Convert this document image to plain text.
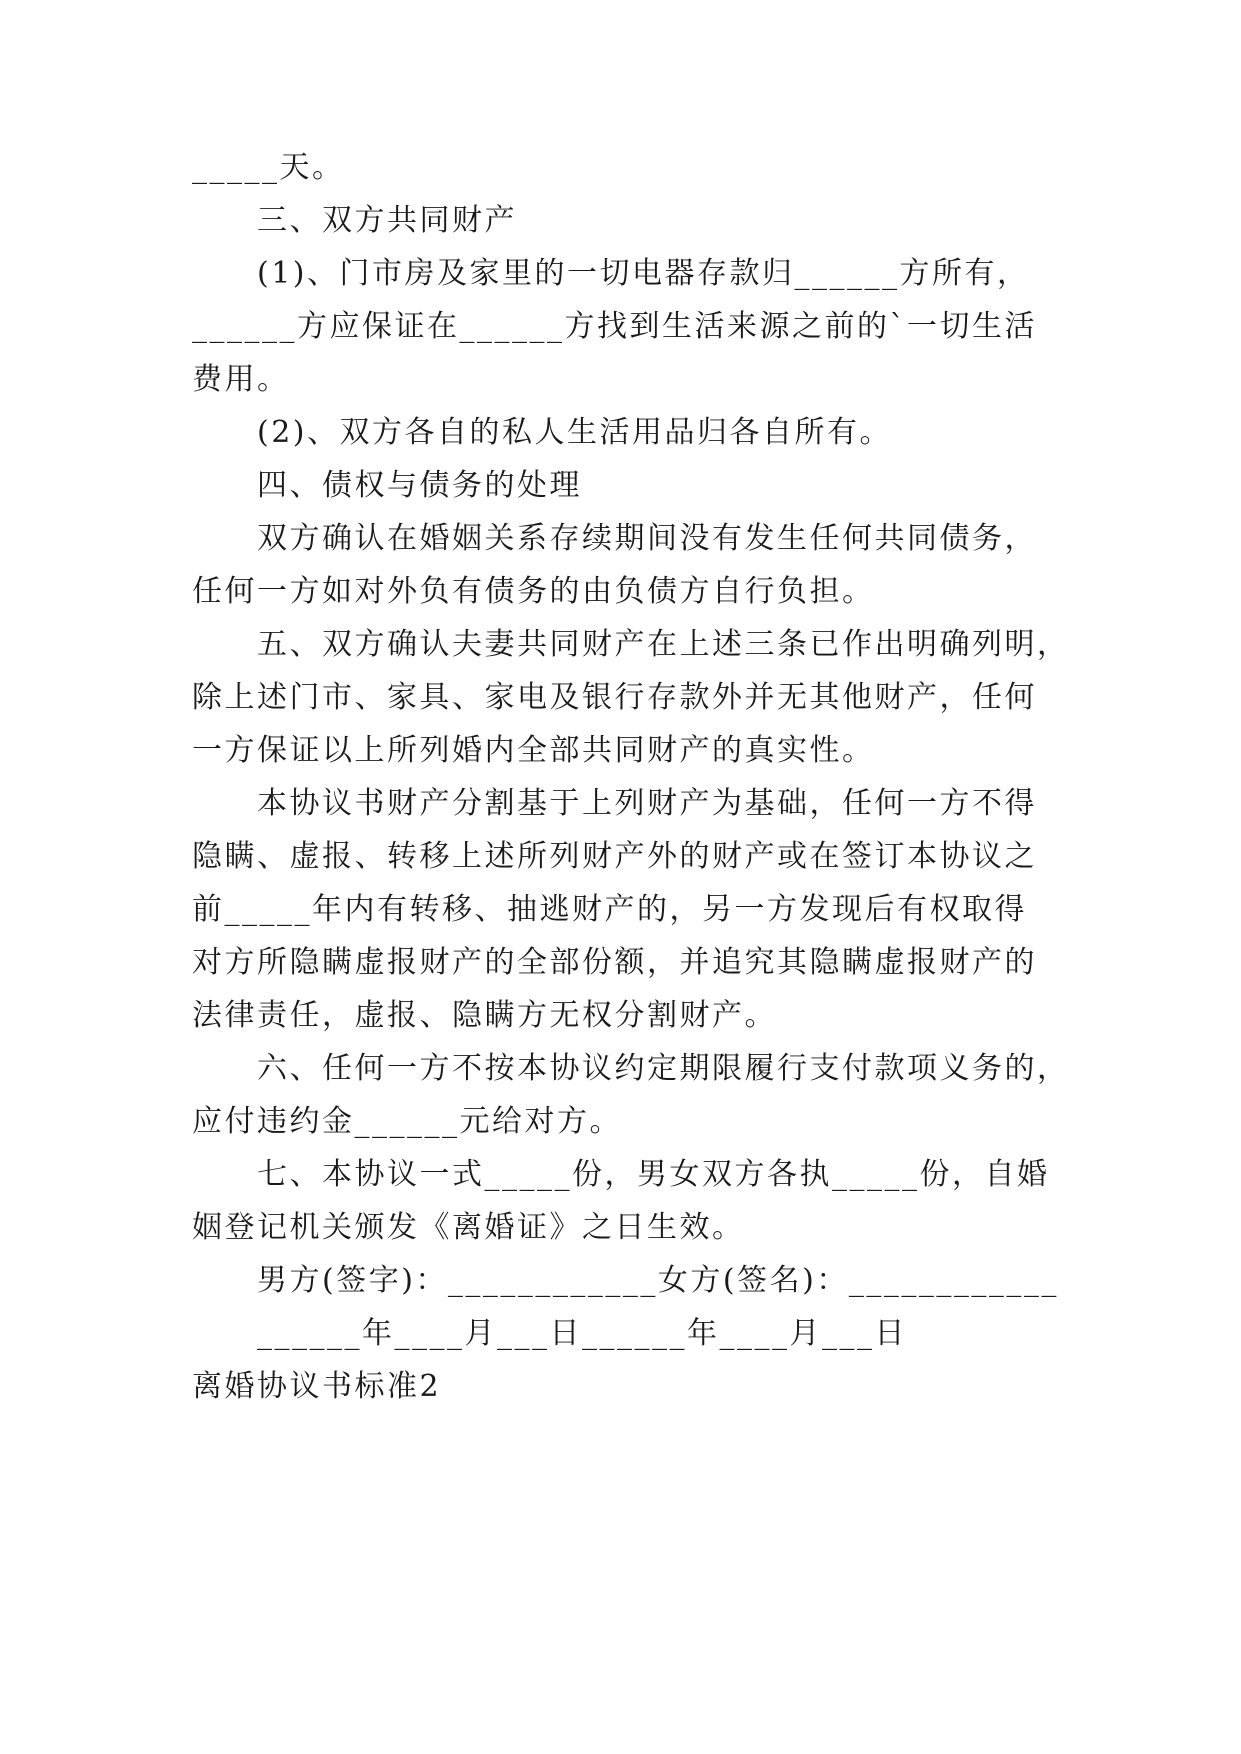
_____天。
三、双方共同财产
(1)、门市房及家里的一切电器存款归______方所有，
______方应保证在______方找到生活来源之前的`一切生活
费用。
(2)、双方各自的私人生活用品归各自所有。
四、债权与债务的处理
双方确认在婚姻关系存续期间没有发生任何共同债务，
任何一方如对外负有债务的由负债方自行负担。
五、双方确认夫妻共同财产在上述三条已作出明确列明，
除上述门市、家具、家电及银行存款外并无其他财产，任何
一方保证以上所列婚内全部共同财产的真实性。
本协议书财产分割基于上列财产为基础，任何一方不得
隐瞒、虚报、转移上述所列财产外的财产或在签订本协议之
前_____年内有转移、抽逃财产的，另一方发现后有权取得
对方所隐瞒虚报财产的全部份额，并追究其隐瞒虚报财产的
法律责任，虚报、隐瞒方无权分割财产。
六、任何一方不按本协议约定期限履行支付款项义务的，
应付违约金______元给对方。
七、本协议一式_____份，男女双方各执_____份，自婚
姻登记机关颁发《离婚证》之日生效。
男方(签字)：____________女方(签名)：____________
______年____月___日______年____月___日
离婚协议书标准2
